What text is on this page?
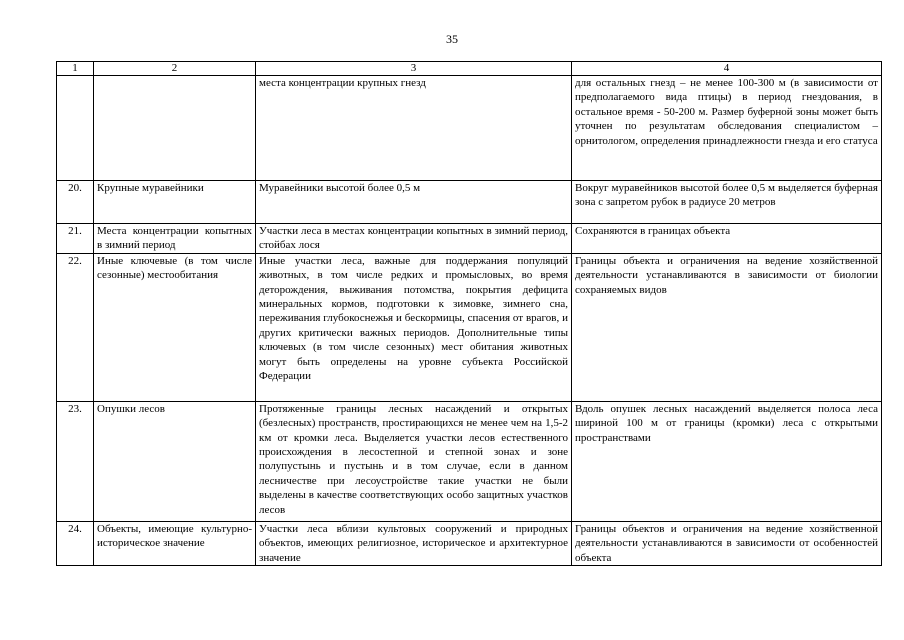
35
1	2	3	4
		места концентрации крупных гнезд	для остальных гнезд – не менее 100-300 м (в зависимости от предполагаемого вида птицы) в период гнездования, в остальное время - 50-200 м. Размер буферной зоны может быть уточнен по результатам обследования специалистом – орнитологом, определения принадлежности гнезда и его статуса
20.	Крупные муравейники	Муравейники высотой более 0,5 м	Вокруг муравейников высотой более 0,5 м выделяется буферная зона с запретом рубок в радиусе 20 метров
21.	Места концентрации копытных в зимний период	Участки леса в местах концентрации копытных в зимний период, стойбах лося	Сохраняются в границах объекта
22.	Иные ключевые (в том числе сезонные) местообитания	Иные участки леса, важные для поддержания популяций животных, в том числе редких и промысловых, во время деторождения, выживания потомства, покрытия дефицита минеральных кормов, подготовки к зимовке, зимнего сна, переживания глубокоснежья и бескормицы, спасения от врагов, и других критически важных периодов. Дополнительные типы ключевых (в том числе сезонных) мест обитания животных могут быть определены на уровне субъекта Российской Федерации	Границы объекта и ограничения на ведение хозяйственной деятельности устанавливаются в зависимости от биологии сохраняемых видов
23.	Опушки лесов	Протяженные границы лесных насаждений и открытых (безлесных) пространств, простирающихся не менее чем на 1,5-2 км от кромки леса. Выделяется участки лесов естественного происхождения в лесостепной и степной зонах и зоне полупустынь и пустынь и в том случае, если в данном лесничестве при лесоустройстве такие участки не были выделены в качестве соответствующих особо защитных участков лесов	Вдоль опушек лесных насаждений выделяется полоса леса шириной 100 м от границы (кромки) леса с открытыми пространствами
24.	Объекты, имеющие культурно-историческое значение	Участки леса вблизи культовых сооружений и природных объектов, имеющих религиозное, историческое и архитектурное значение	Границы объектов и ограничения на ведение хозяйственной деятельности устанавливаются в зависимости от особенностей объекта
